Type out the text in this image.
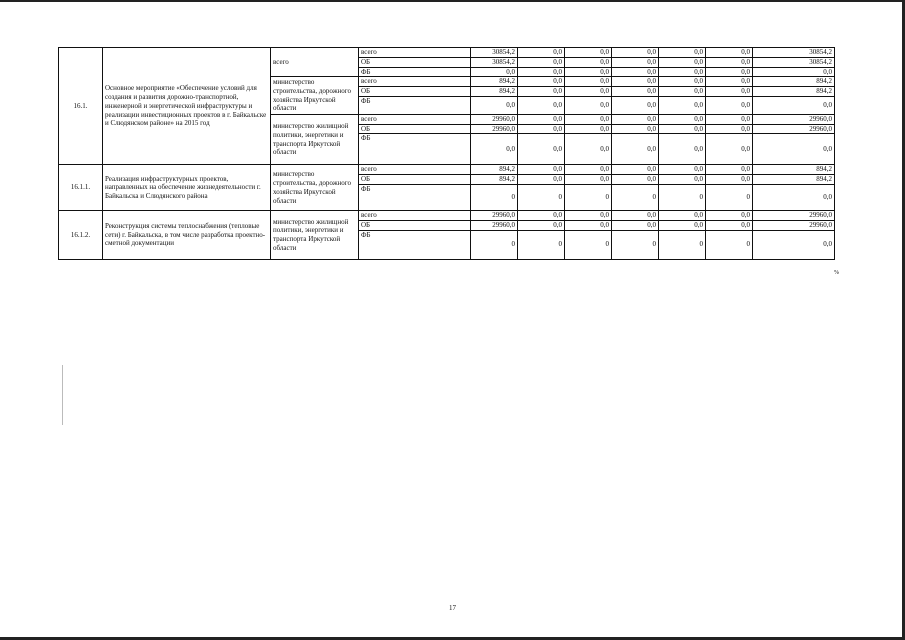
16.1.	Основное мероприятие «Обеспечение условий для создания и развития дорожно-транспортной, инженерной и энергетической инфраструктуры и реализации инвестиционных проектов в г. Байкальске и Слюдянском районе» на 2015 год	всего	всего	30854,2	0,0	0,0	0,0	0,0	0,0	30854,2
			ОБ	30854,2	0,0	0,0	0,0	0,0	0,0	30854,2
			ФБ	0,0	0,0	0,0	0,0	0,0	0,0	0,0
		министерство строительства, дорожного хозяйства Иркутской области	всего	894,2	0,0	0,0	0,0	0,0	0,0	894,2
			ОБ	894,2	0,0	0,0	0,0	0,0	0,0	894,2
			ФБ	0,0	0,0	0,0	0,0	0,0	0,0	0,0
		министерство жилищной политики, энергетики и транспорта Иркутской области	всего	29960,0	0,0	0,0	0,0	0,0	0,0	29960,0
			ОБ	29960,0	0,0	0,0	0,0	0,0	0,0	29960,0
			ФБ	0,0	0,0	0,0	0,0	0,0	0,0	0,0
16.1.1.	Реализация инфраструктурных проектов, направленных на обеспечение жизнедеятельности г. Байкальска и Слюдянского района	министерство строительства, дорожного хозяйства Иркутской области	всего	894,2	0,0	0,0	0,0	0,0	0,0	894,2
			ОБ	894,2	0,0	0,0	0,0	0,0	0,0	894,2
			ФБ	0	0	0	0	0	0	0,0
16.1.2.	Реконструкция системы теплоснабжения (тепловые сети) г. Байкальска, в том числе разработка проектно-сметной документации	министерство жилищной политики, энергетики и транспорта Иркутской области	всего	29960,0	0,0	0,0	0,0	0,0	0,0	29960,0
			ОБ	29960,0	0,0	0,0	0,0	0,0	0,0	29960,0
			ФБ	0	0	0	0	0	0	0,0
%
17
